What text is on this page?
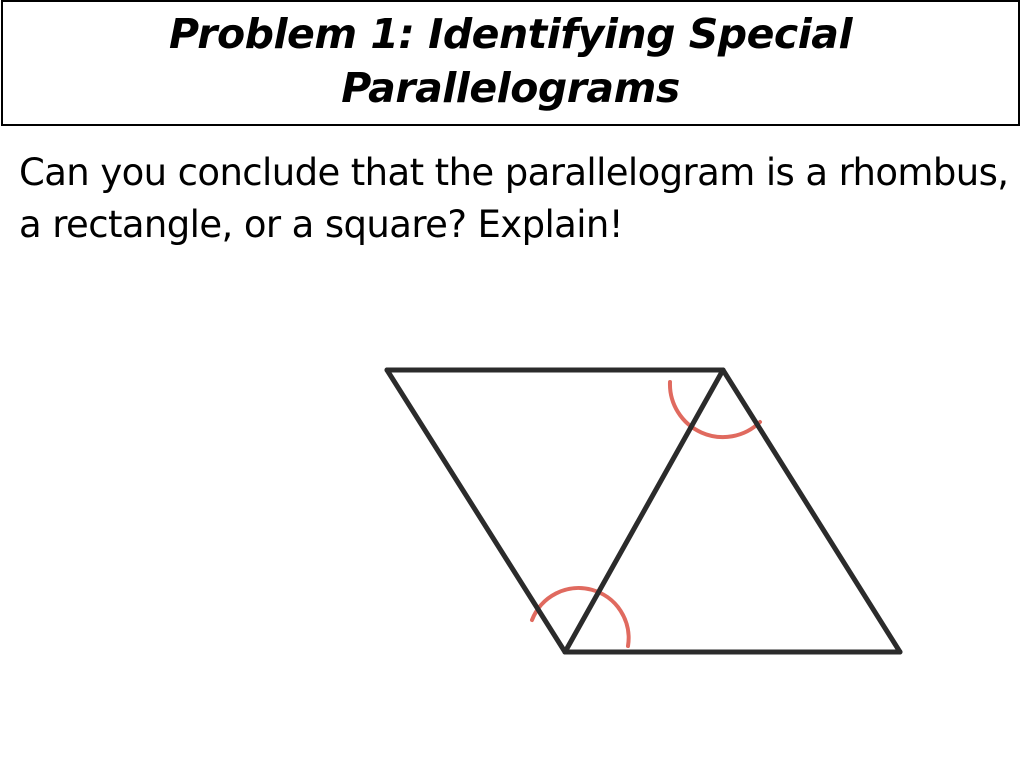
Problem 1: Identifying Special Parallelograms
Can you conclude that the parallelogram is a rhombus, a rectangle, or a square? Explain!
